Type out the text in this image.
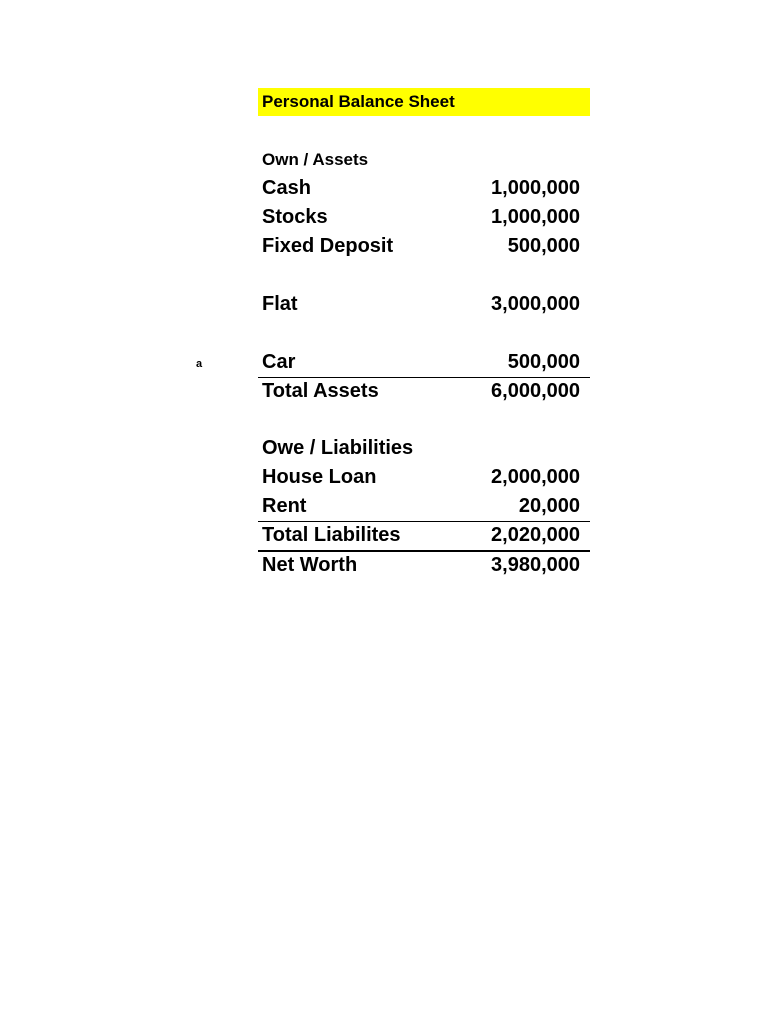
a
Personal Balance Sheet
Own / Assets
Cash	1,000,000
Stocks	1,000,000
Fixed Deposit	500,000
Flat	3,000,000
Car	500,000
Total Assets	6,000,000
Owe / Liabilities
House Loan	2,000,000
Rent	20,000
Total Liabilites	2,020,000
Net Worth	3,980,000
